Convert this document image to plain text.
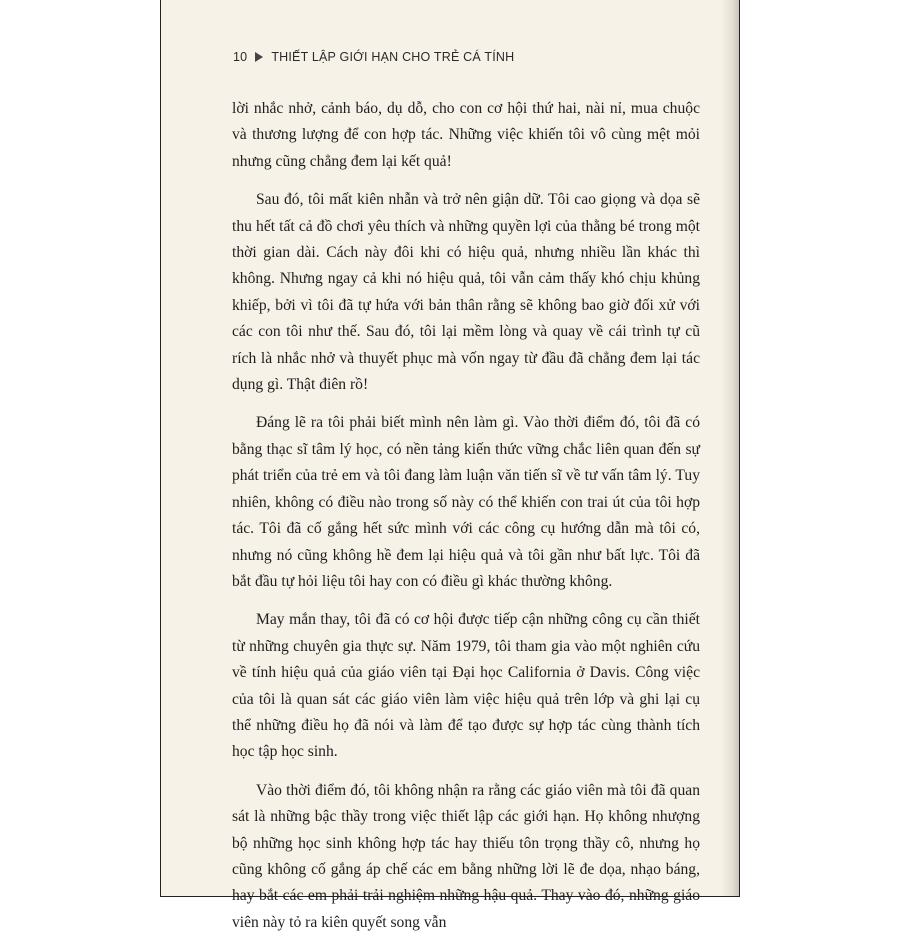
10 THIẾT LẬP GIỚI HẠN CHO TRẺ CÁ TÍNH

lời nhắc nhở, cảnh báo, dụ dỗ, cho con cơ hội thứ hai, nài nỉ, mua chuộc và thương lượng để con hợp tác. Những việc khiến tôi vô cùng mệt mỏi nhưng cũng chẳng đem lại kết quả!

Sau đó, tôi mất kiên nhẫn và trở nên giận dữ. Tôi cao giọng và dọa sẽ thu hết tất cả đồ chơi yêu thích và những quyền lợi của thằng bé trong một thời gian dài. Cách này đôi khi có hiệu quả, nhưng nhiều lần khác thì không. Nhưng ngay cả khi nó hiệu quả, tôi vẫn cảm thấy khó chịu khủng khiếp, bởi vì tôi đã tự hứa với bản thân rằng sẽ không bao giờ đối xử với các con tôi như thế. Sau đó, tôi lại mềm lòng và quay về cái trình tự cũ rích là nhắc nhở và thuyết phục mà vốn ngay từ đầu đã chẳng đem lại tác dụng gì. Thật điên rồ!

Đáng lẽ ra tôi phải biết mình nên làm gì. Vào thời điểm đó, tôi đã có bằng thạc sĩ tâm lý học, có nền tảng kiến thức vững chắc liên quan đến sự phát triển của trẻ em và tôi đang làm luận văn tiến sĩ về tư vấn tâm lý. Tuy nhiên, không có điều nào trong số này có thể khiến con trai út của tôi hợp tác. Tôi đã cố gắng hết sức mình với các công cụ hướng dẫn mà tôi có, nhưng nó cũng không hề đem lại hiệu quả và tôi gần như bất lực. Tôi đã bắt đầu tự hỏi liệu tôi hay con có điều gì khác thường không.

May mắn thay, tôi đã có cơ hội được tiếp cận những công cụ cần thiết từ những chuyên gia thực sự. Năm 1979, tôi tham gia vào một nghiên cứu về tính hiệu quả của giáo viên tại Đại học California ở Davis. Công việc của tôi là quan sát các giáo viên làm việc hiệu quả trên lớp và ghi lại cụ thể những điều họ đã nói và làm để tạo được sự hợp tác cùng thành tích học tập học sinh.

Vào thời điểm đó, tôi không nhận ra rằng các giáo viên mà tôi đã quan sát là những bậc thầy trong việc thiết lập các giới hạn. Họ không nhượng bộ những học sinh không hợp tác hay thiếu tôn trọng thầy cô, nhưng họ cũng không cố gắng áp chế các em bằng những lời lẽ đe dọa, nhạo báng, hay bắt các em phải trải nghiệm những hậu quả. Thay vào đó, những giáo viên này tỏ ra kiên quyết song vẫn
